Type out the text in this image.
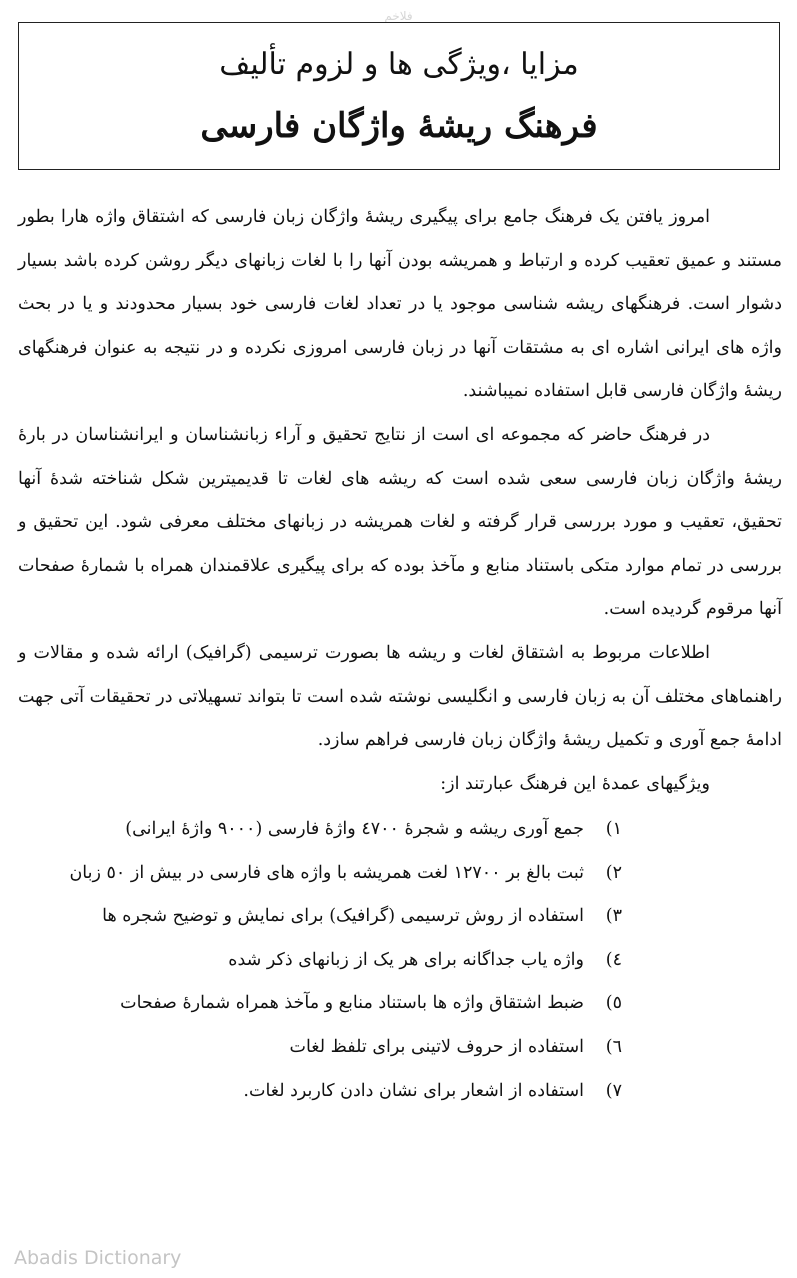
فلاخم
مزایا ،ویژگی ها و لزوم تألیف
فرهنگ ریشهٔ واژگان فارسی

امروز یافتن یک فرهنگ جامع برای پیگیری ریشهٔ واژگان زبان فارسی که اشتقاق واژه هارا بطور مستند و عمیق تعقیب کرده و ارتباط و همریشه بودن آنها را با لغات زبانهای دیگر روشن کرده باشد بسیار دشوار است. فرهنگهای ریشه شناسی موجود یا در تعداد لغات فارسی خود بسیار محدودند و یا در بحث واژه های ایرانی اشاره ای به مشتقات آنها در زبان فارسی امروزی نکرده و در نتیجه به عنوان فرهنگهای ریشهٔ واژگان فارسی قابل استفاده نمیباشند.

در فرهنگ حاضر که مجموعه ای است از نتایج تحقیق و آراء زبانشناسان و ایرانشناسان در بارهٔ ریشهٔ واژگان زبان فارسی سعی شده است که ریشه های لغات تا قدیمیترین شکل شناخته شدهٔ آنها تحقیق، تعقیب و مورد بررسی قرار گرفته و لغات همریشه در زبانهای مختلف معرفی شود. این تحقیق و بررسی در تمام موارد متکی باستناد منابع و مآخذ بوده که برای پیگیری علاقمندان همراه با شمارهٔ صفحات آنها مرقوم گردیده است.

اطلاعات مربوط به اشتقاق لغات و ریشه ها بصورت ترسیمی (گرافیک) ارائه شده و مقالات و راهنماهای مختلف آن به زبان فارسی و انگلیسی نوشته شده است تا بتواند تسهیلاتی در تحقیقات آتی جهت ادامهٔ جمع آوری و تکمیل ریشهٔ واژگان زبان فارسی فراهم سازد.

ویژگیهای عمدهٔ این فرهنگ عبارتند از:

۱)
جمع آوری ریشه و شجرهٔ ٤٧٠٠ واژهٔ فارسی (٩٠٠٠ واژهٔ ایرانی)
۲)
ثبت بالغ بر ١٢٧٠٠ لغت همریشه با واژه های فارسی در بیش از ٥٠ زبان
۳)
استفاده از روش ترسیمی (گرافیک) برای نمایش و توضیح شجره ها
٤)
واژه یاب جداگانه برای هر یک از زبانهای ذکر شده
٥)
ضبط اشتقاق واژه ها باستناد منابع و مآخذ همراه شمارهٔ صفحات
٦)
استفاده از حروف لاتینی برای تلفظ لغات
٧)
استفاده از اشعار برای نشان دادن کاربرد لغات.
Abadis Dictionary
